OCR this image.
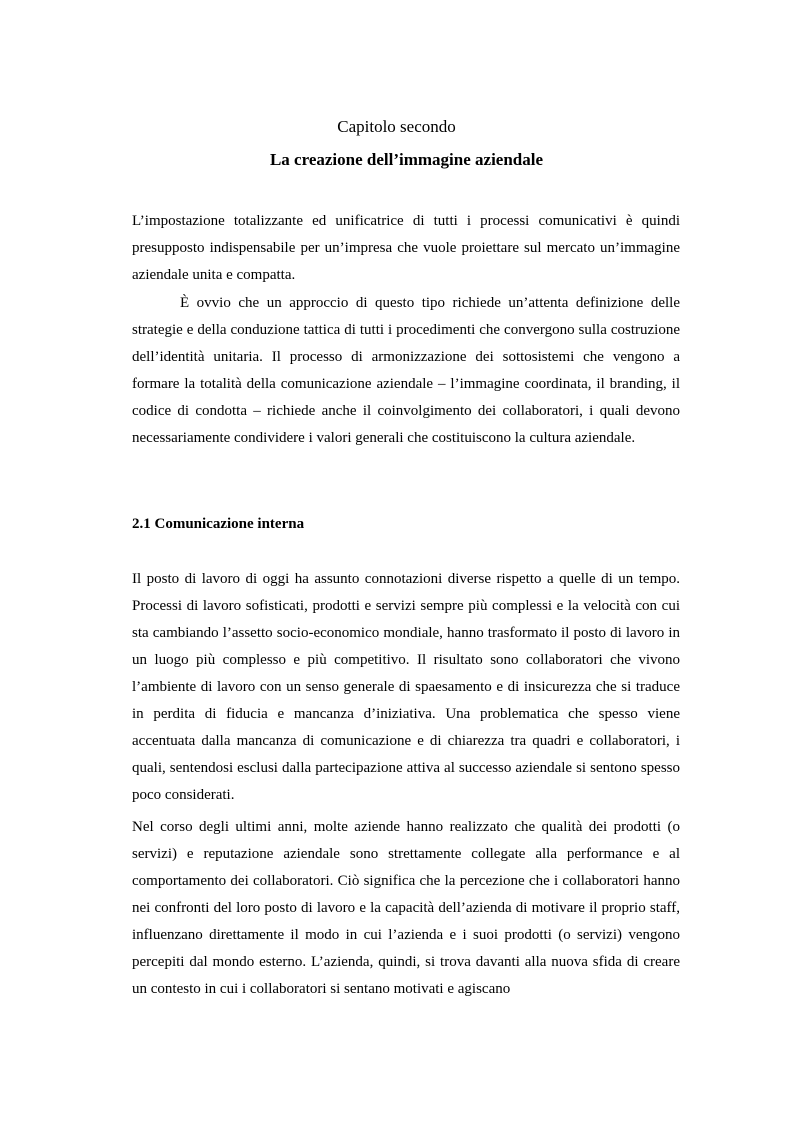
Capitolo secondo
La creazione dell’immagine aziendale

L’impostazione totalizzante ed unificatrice di tutti i processi comunicativi è quindi presupposto indispensabile per un’impresa che vuole proiettare sul mercato un’immagine aziendale unita e compatta.

È ovvio che un approccio di questo tipo richiede un’attenta definizione delle strategie e della conduzione tattica di tutti i procedimenti che convergono sulla costruzione dell’identità unitaria. Il processo di armonizzazione dei sottosistemi che vengono a formare la totalità della comunicazione aziendale – l’immagine coordinata, il branding, il codice di condotta – richiede anche il coinvolgimento dei collaboratori, i quali devono necessariamente condividere i valori generali che costituiscono la cultura aziendale.

2.1 Comunicazione interna

Il posto di lavoro di oggi ha assunto connotazioni diverse rispetto a quelle di un tempo. Processi di lavoro sofisticati, prodotti e servizi sempre più complessi e la velocità con cui sta cambiando l’assetto socio-economico mondiale, hanno trasformato il posto di lavoro in un luogo più complesso e più competitivo. Il risultato sono collaboratori che vivono l’ambiente di lavoro con un senso generale di spaesamento e di insicurezza che si traduce in perdita di fiducia e mancanza d’iniziativa. Una problematica che spesso viene accentuata dalla mancanza di comunicazione e di chiarezza tra quadri e collaboratori, i quali, sentendosi esclusi dalla partecipazione attiva al successo aziendale si sentono spesso poco considerati.

Nel corso degli ultimi anni, molte aziende hanno realizzato che qualità dei prodotti (o servizi) e reputazione aziendale sono strettamente collegate alla performance e al comportamento dei collaboratori. Ciò significa che la percezione che i collaboratori hanno nei confronti del loro posto di lavoro e la capacità dell’azienda di motivare il proprio staff, influenzano direttamente il modo in cui l’azienda e i suoi prodotti (o servizi) vengono percepiti dal mondo esterno. L’azienda, quindi, si trova davanti alla nuova sfida di creare un contesto in cui i collaboratori si sentano motivati e agiscano
